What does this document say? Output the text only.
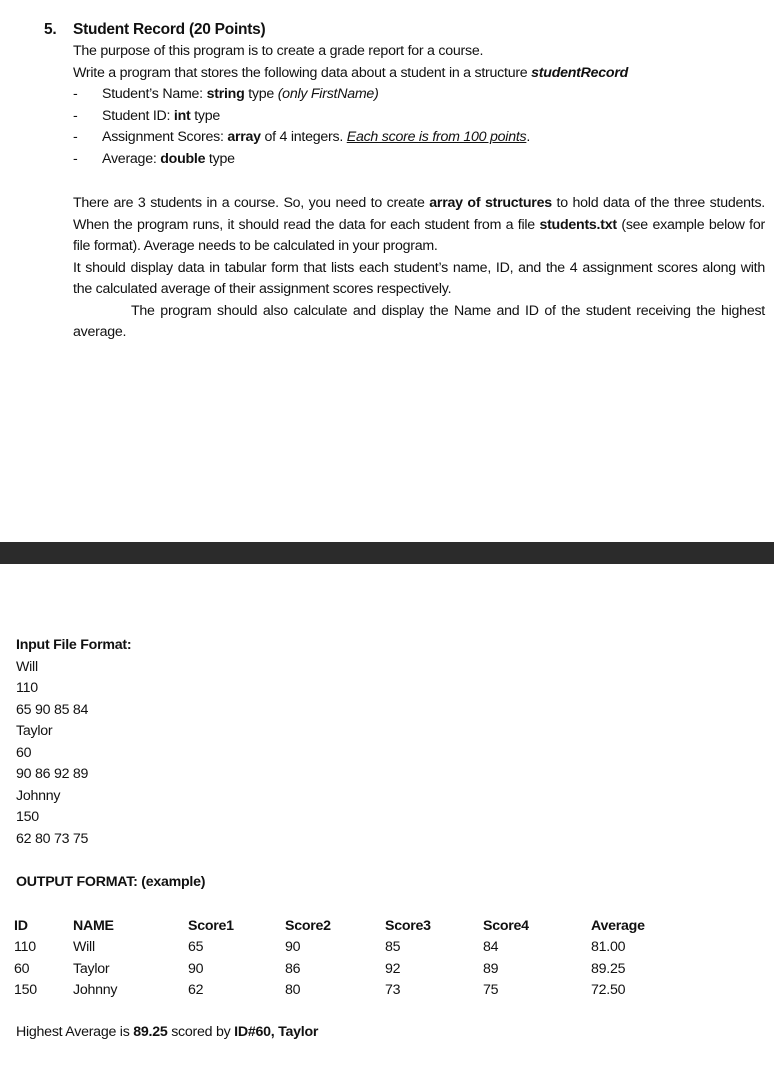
5. Student Record (20 Points)
The purpose of this program is to create a grade report for a course.
Write a program that stores the following data about a student in a structure studentRecord
- Student’s Name: string type (only FirstName)
- Student ID: int type
- Assignment Scores: array of 4 integers. Each score is from 100 points.
- Average: double type

There are 3 students in a course. So, you need to create array of structures to hold data of the three students. When the program runs, it should read the data for each student from a file students.txt (see example below for file format). Average needs to be calculated in your program.

It should display data in tabular form that lists each student’s name, ID, and the 4 assignment scores along with the calculated average of their assignment scores respectively.

The program should also calculate and display the Name and ID of the student receiving the highest average.

Input File Format:
Will
110
65 90 85 84
Taylor
60
90 86 92 89
Johnny
150
62 80 73 75
OUTPUT FORMAT: (example)
ID	NAME	Score1	Score2	Score3	Score4	Average
110	Will	65	90	85	84	81.00
60	Taylor	90	86	92	89	89.25
150	Johnny	62	80	73	75	72.50
Highest Average is 89.25 scored by ID#60, Taylor
